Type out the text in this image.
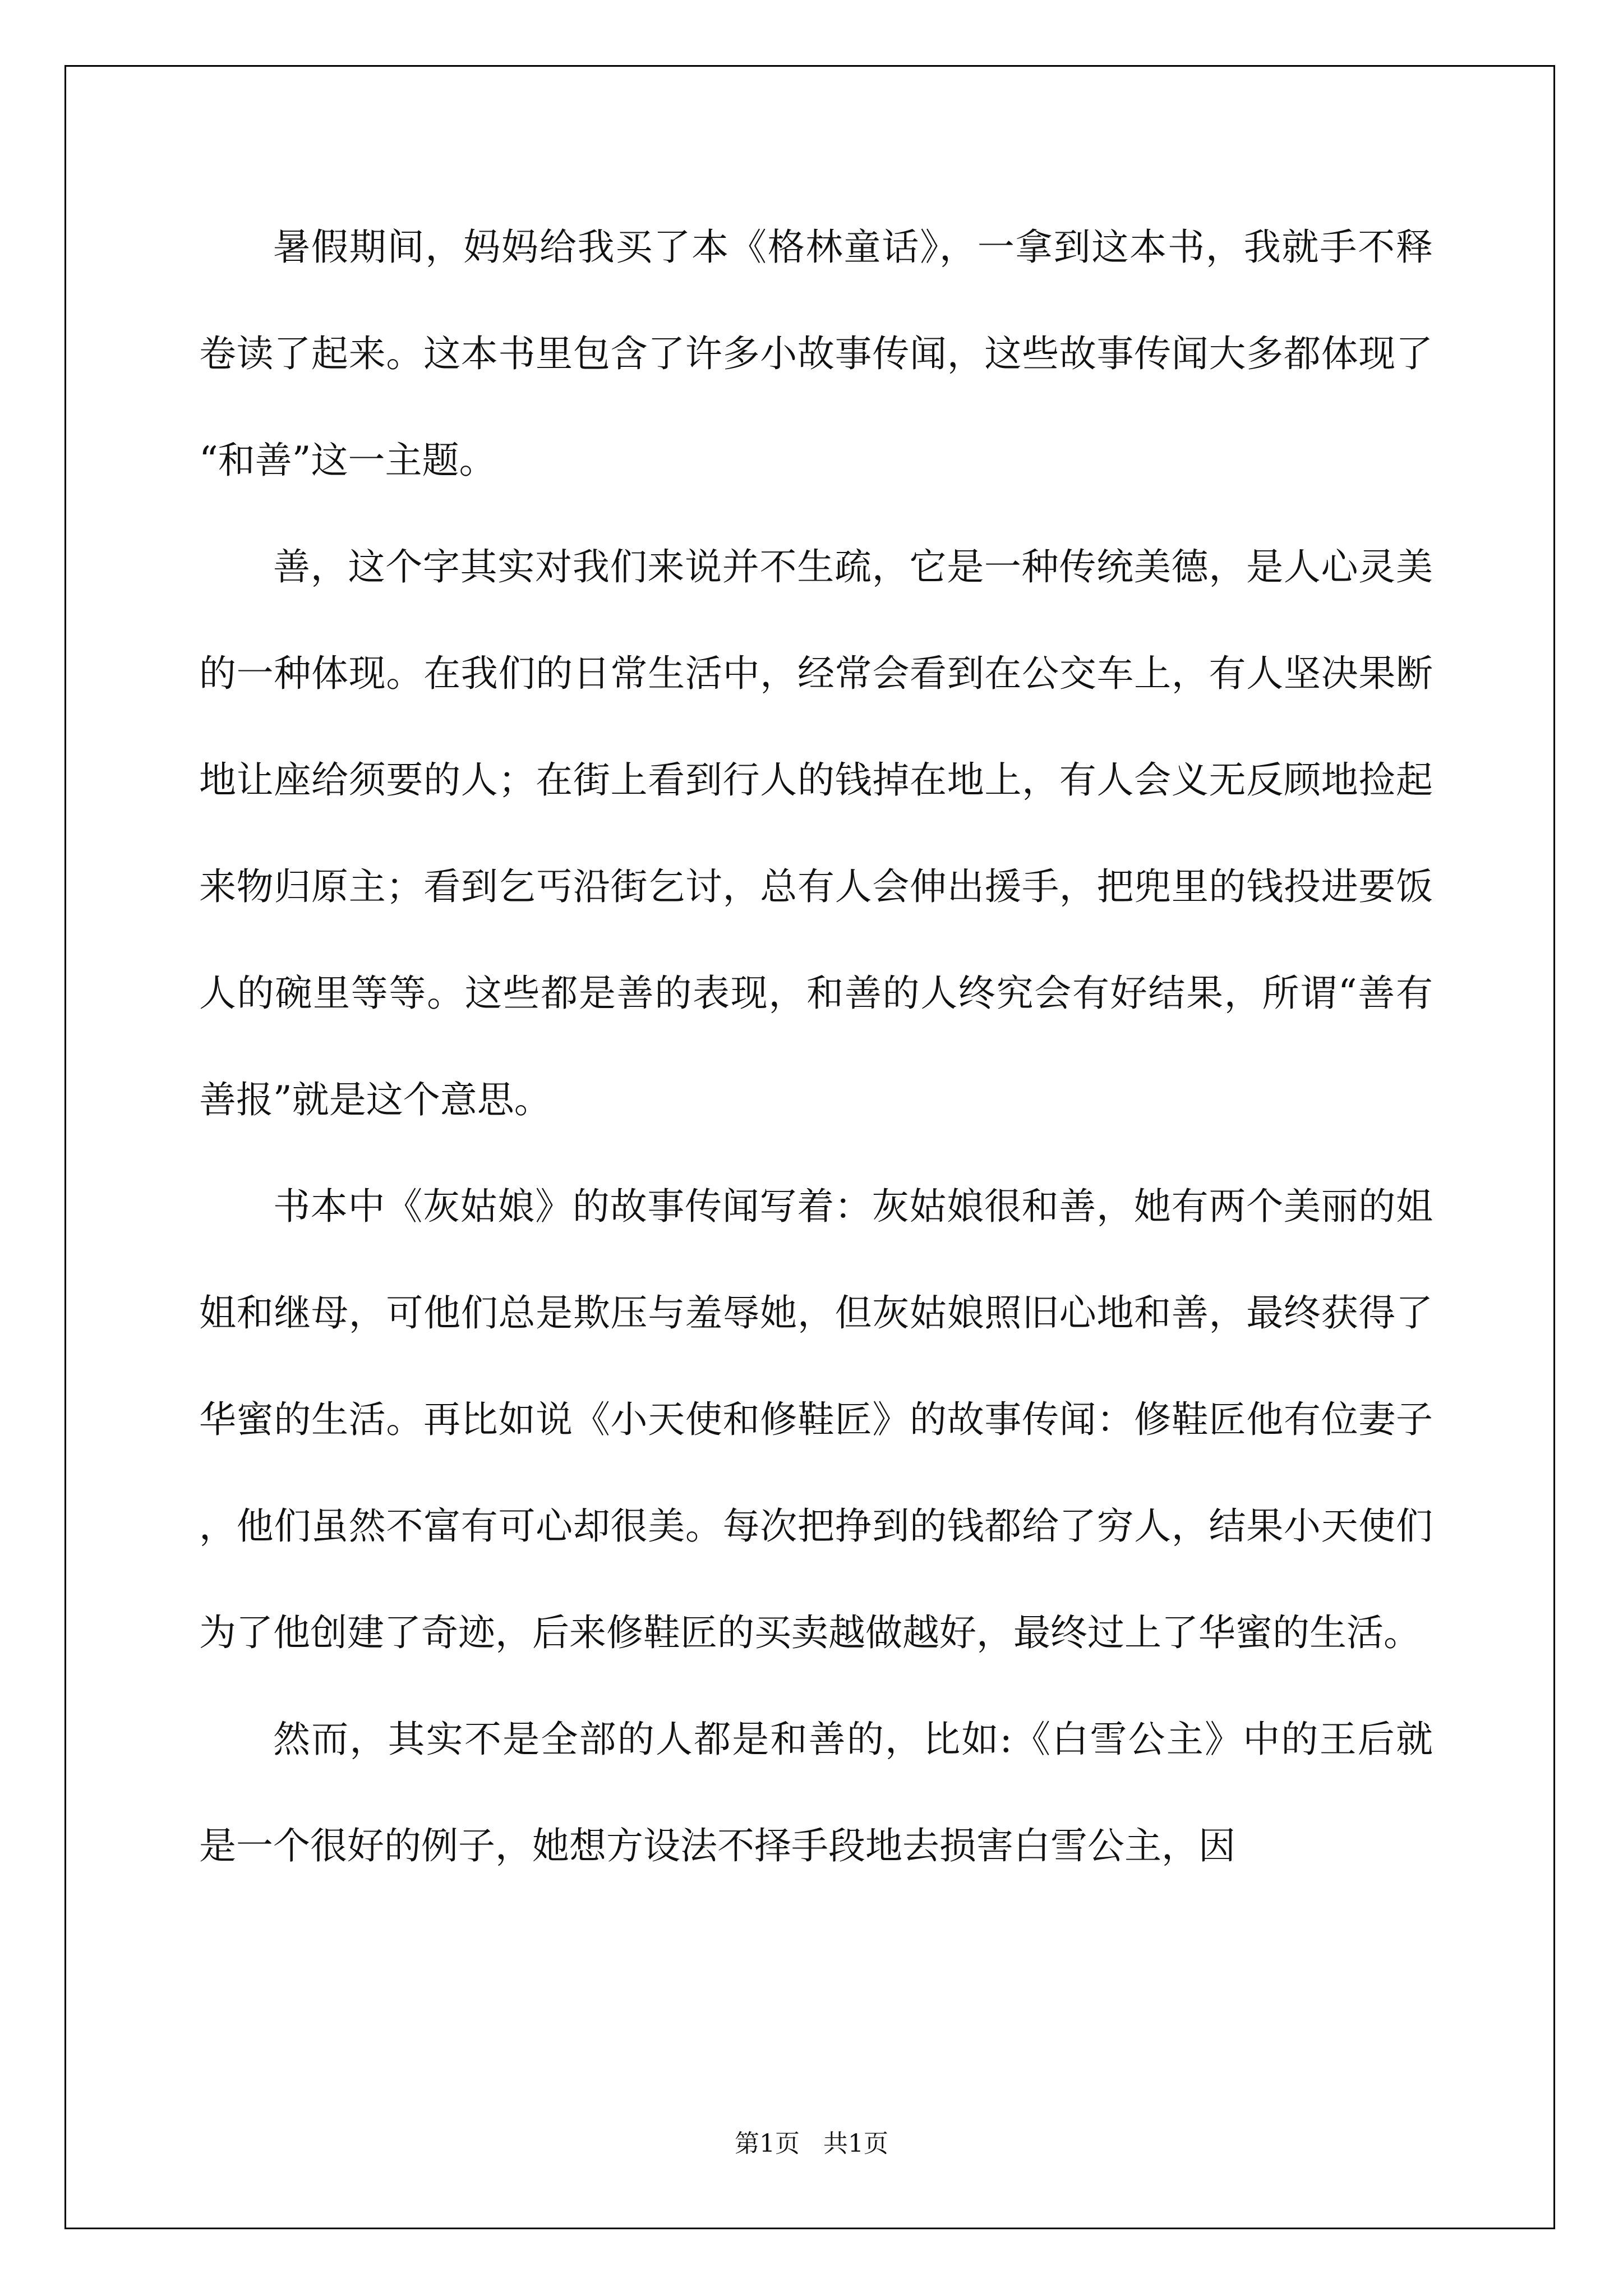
暑假期间，妈妈给我买了本《格林童话》，一拿到这本书，我就手不释卷读了起来。这本书里包含了许多小故事传闻，这些故事传闻大多都体现了“和善”这一主题。

善，这个字其实对我们来说并不生疏，它是一种传统美德，是人心灵美的一种体现。在我们的日常生活中，经常会看到在公交车上，有人坚决果断地让座给须要的人；在街上看到行人的钱掉在地上，有人会义无反顾地捡起来物归原主；看到乞丐沿街乞讨，总有人会伸出援手，把兜里的钱投进要饭人的碗里等等。这些都是善的表现，和善的人终究会有好结果，所谓“善有善报”就是这个意思。

书本中《灰姑娘》的故事传闻写着：灰姑娘很和善，她有两个美丽的姐姐和继母，可他们总是欺压与羞辱她，但灰姑娘照旧心地和善，最终获得了华蜜的生活。再比如说《小天使和修鞋匠》的故事传闻：修鞋匠他有位妻子，他们虽然不富有可心却很美。每次把挣到的钱都给了穷人，结果小天使们为了他创建了奇迹，后来修鞋匠的买卖越做越好，最终过上了华蜜的生活。

然而，其实不是全部的人都是和善的，比如:《白雪公主》中的王后就是一个很好的例子，她想方设法不择手段地去损害白雪公主，因

第1页   共1页
